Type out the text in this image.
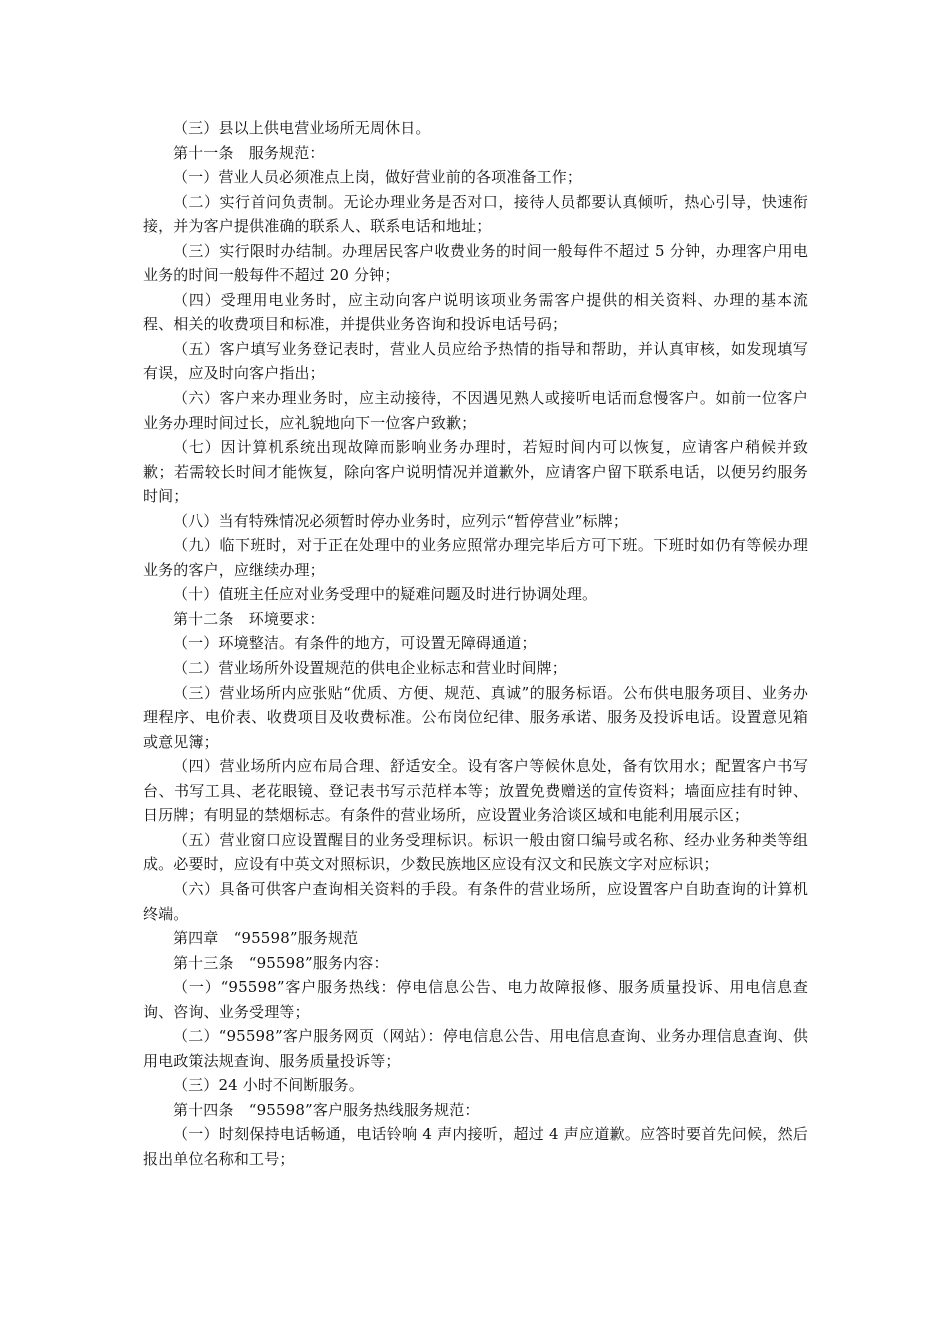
（三）县以上供电营业场所无周休日。

第十一条　服务规范：

（一）营业人员必须准点上岗，做好营业前的各项准备工作；

（二）实行首问负责制。无论办理业务是否对口，接待人员都要认真倾听，热心引导，快速衔接，并为客户提供准确的联系人、联系电话和地址；

（三）实行限时办结制。办理居民客户收费业务的时间一般每件不超过 5 分钟，办理客户用电业务的时间一般每件不超过 20 分钟；

（四）受理用电业务时，应主动向客户说明该项业务需客户提供的相关资料、办理的基本流程、相关的收费项目和标准，并提供业务咨询和投诉电话号码；

（五）客户填写业务登记表时，营业人员应给予热情的指导和帮助，并认真审核，如发现填写有误，应及时向客户指出；

（六）客户来办理业务时，应主动接待，不因遇见熟人或接听电话而怠慢客户。如前一位客户业务办理时间过长，应礼貌地向下一位客户致歉；

（七）因计算机系统出现故障而影响业务办理时，若短时间内可以恢复，应请客户稍候并致歉；若需较长时间才能恢复，除向客户说明情况并道歉外，应请客户留下联系电话，以便另约服务时间；

（八）当有特殊情况必须暂时停办业务时，应列示“暂停营业”标牌；

（九）临下班时，对于正在处理中的业务应照常办理完毕后方可下班。下班时如仍有等候办理业务的客户，应继续办理；

（十）值班主任应对业务受理中的疑难问题及时进行协调处理。

第十二条　环境要求：

（一）环境整洁。有条件的地方，可设置无障碍通道；

（二）营业场所外设置规范的供电企业标志和营业时间牌；

（三）营业场所内应张贴“优质、方便、规范、真诚”的服务标语。公布供电服务项目、业务办理程序、电价表、收费项目及收费标准。公布岗位纪律、服务承诺、服务及投诉电话。设置意见箱或意见簿；

（四）营业场所内应布局合理、舒适安全。设有客户等候休息处，备有饮用水；配置客户书写台、书写工具、老花眼镜、登记表书写示范样本等；放置免费赠送的宣传资料；墙面应挂有时钟、日历牌；有明显的禁烟标志。有条件的营业场所，应设置业务洽谈区域和电能利用展示区；

（五）营业窗口应设置醒目的业务受理标识。标识一般由窗口编号或名称、经办业务种类等组成。必要时，应设有中英文对照标识，少数民族地区应设有汉文和民族文字对应标识；

（六）具备可供客户查询相关资料的手段。有条件的营业场所，应设置客户自助查询的计算机终端。

第四章　“95598”服务规范

第十三条　“95598”服务内容：

（一）“95598”客户服务热线：停电信息公告、电力故障报修、服务质量投诉、用电信息查询、咨询、业务受理等；

（二）“95598”客户服务网页（网站）：停电信息公告、用电信息查询、业务办理信息查询、供用电政策法规查询、服务质量投诉等；

（三）24 小时不间断服务。

第十四条　“95598”客户服务热线服务规范：

（一）时刻保持电话畅通，电话铃响 4 声内接听，超过 4 声应道歉。应答时要首先问候，然后报出单位名称和工号；
